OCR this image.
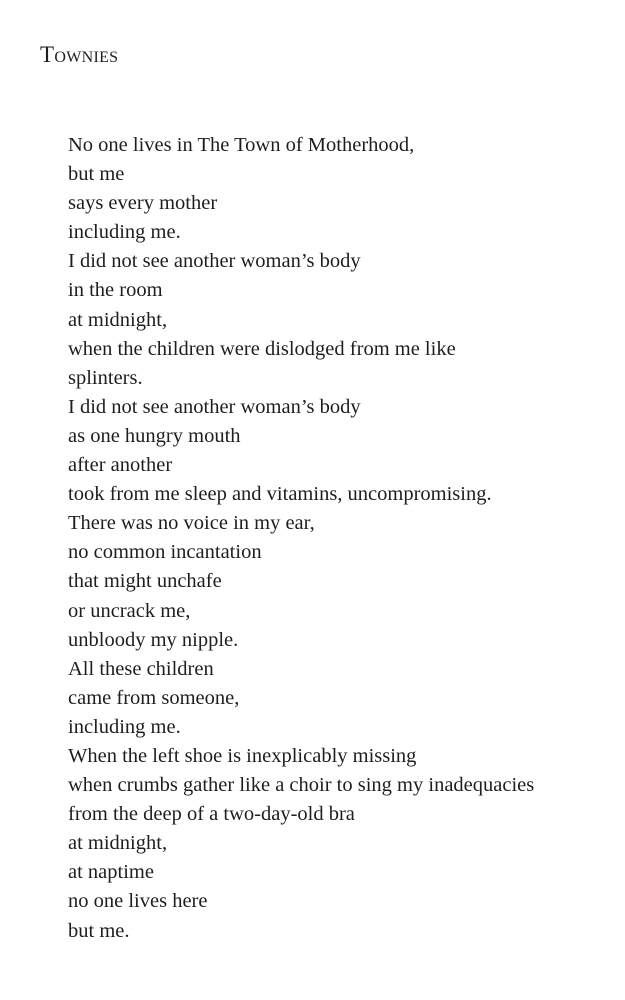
Townies
No one lives in The Town of Motherhood,
but me
says every mother
including me.
I did not see another woman’s body
in the room
at midnight,
when the children were dislodged from me like
splinters.
I did not see another woman’s body
as one hungry mouth
after another
took from me sleep and vitamins, uncompromising.
There was no voice in my ear,
no common incantation
that might unchafe
or uncrack me,
unbloody my nipple.
All these children
came from someone,
including me.
When the left shoe is inexplicably missing
when crumbs gather like a choir to sing my inadequacies
from the deep of a two-day-old bra
at midnight,
at naptime
no one lives here
but me.
